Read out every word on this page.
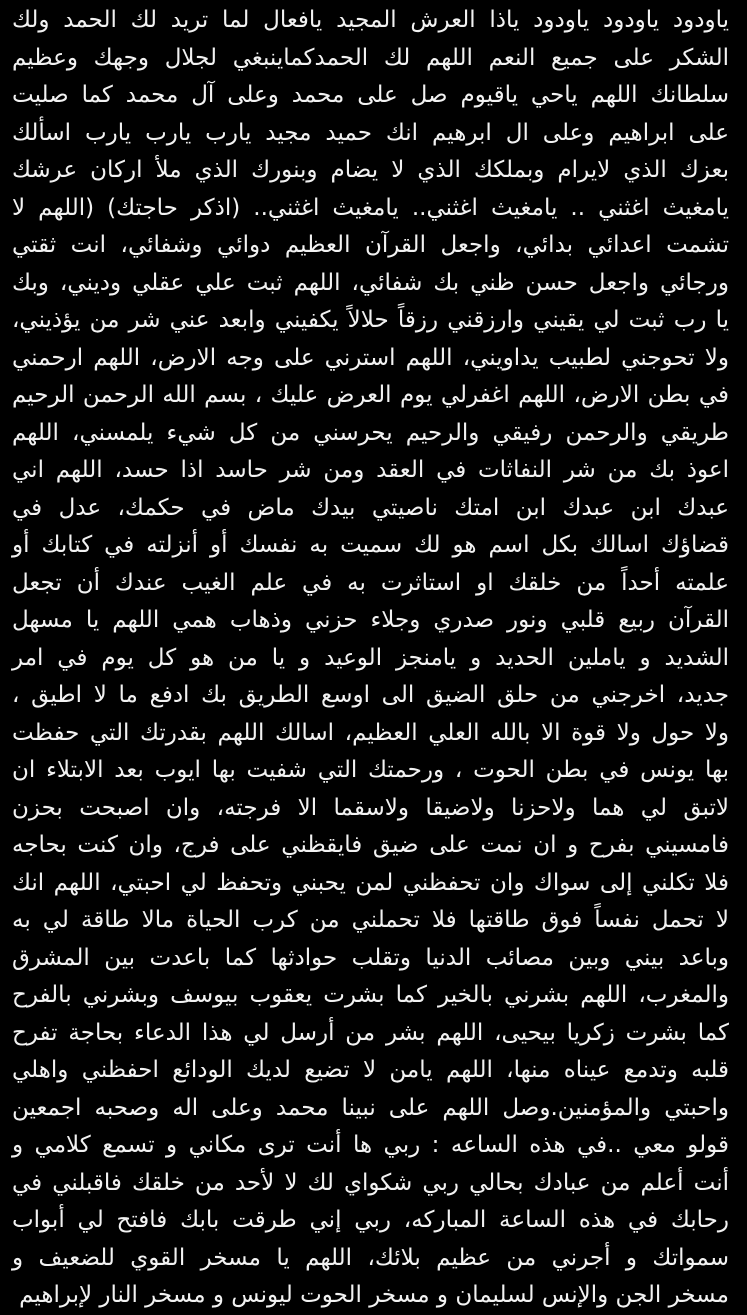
ياودود ياودود ياودود ياذا العرش المجيد يافعال لما تريد لك الحمد ولك
الشكر على جميع النعم اللهم لك الحمدكماينبغي لجلال وجهك وعظيم
سلطانك اللهم ياحي ياقيوم صل على محمد وعلى آل محمد كما صليت
على ابراهيم وعلى ال ابرهيم انك حميد مجيد يارب يارب يارب اسألك
بعزك الذي لايرام وبملكك الذي لا يضام وبنورك الذي ملأ اركان عرشك
يامغيث اغثني .. يامغيث اغثني.. يامغيث اغثني.. (اذكر حاجتك) (اللهم لا
تشمت اعدائي بدائي، واجعل القرآن العظيم دوائي وشفائي، انت ثقتي
ورجائي واجعل حسن ظني بك شفائي، اللهم ثبت علي عقلي وديني، وبك
يا رب ثبت لي يقيني وارزقني رزقاً حلالاً يكفيني وابعد عني شر من يؤذيني،
ولا تحوجني لطبيب يداويني، اللهم استرني على وجه الارض، اللهم ارحمني
في بطن الارض، اللهم اغفرلي يوم العرض عليك ، بسم الله الرحمن الرحيم
طريقي والرحمن رفيقي والرحيم يحرسني من كل شيء يلمسني، اللهم
اعوذ بك من شر النفاثات في العقد ومن شر حاسد اذا حسد، اللهم اني
عبدك ابن عبدك ابن امتك ناصيتي بيدك ماض في حكمك، عدل في
قضاؤك اسالك بكل اسم هو لك سميت به نفسك أو أنزلته في كتابك أو
علمته أحداً من خلقك او استاثرت به في علم الغيب عندك أن تجعل
القرآن ربيع قلبي ونور صدري وجلاء حزني وذهاب همي اللهم يا مسهل
الشديد و ياملين الحديد و يامنجز الوعيد و يا من هو كل يوم في امر
جديد، اخرجني من حلق الضيق الى اوسع الطريق بك ادفع ما لا اطيق ،
ولا حول ولا قوة الا بالله العلي العظيم، اسالك اللهم بقدرتك التي حفظت
بها يونس في بطن الحوت ، ورحمتك التي شفيت بها ايوب بعد الابتلاء ان
لاتبق لي هما ولاحزنا ولاضيقا ولاسقما الا فرجته، وان اصبحت بحزن
فامسيني بفرح و ان نمت على ضيق فايقظني على فرج، وان كنت بحاجه
فلا تكلني إلى سواك وان تحفظني لمن يحبني وتحفظ لي احبتي، اللهم انك
لا تحمل نفساً فوق طاقتها فلا تحملني من كرب الحياة مالا طاقة لي به
وباعد بيني وبين مصائب الدنيا وتقلب حوادثها كما باعدت بين المشرق
والمغرب، اللهم بشرني بالخير كما بشرت يعقوب بيوسف وبشرني بالفرح
كما بشرت زكريا بيحيى، اللهم بشر من أرسل لي هذا الدعاء بحاجة تفرح
قلبه وتدمع عيناه منها، اللهم يامن لا تضيع لديك الودائع احفظني واهلي
واحبتي والمؤمنين.وصل اللهم على نبينا محمد وعلى اله وصحبه اجمعين
قولو معي ..في هذه الساعه : ربي ها أنت ترى مكاني و تسمع كلامي و
أنت أعلم من عبادك بحالي ربي شكواي لك لا لأحد من خلقك فاقبلني في
رحابك في هذه الساعة المباركه، ربي إني طرقت بابك فافتح لي أبواب
سمواتك و أجرني من عظيم بلائك، اللهم يا مسخر القوي للضعيف و
مسخر الجن والإنس لسليمان و مسخر الحوت ليونس و مسخر النار لإبراهيم
